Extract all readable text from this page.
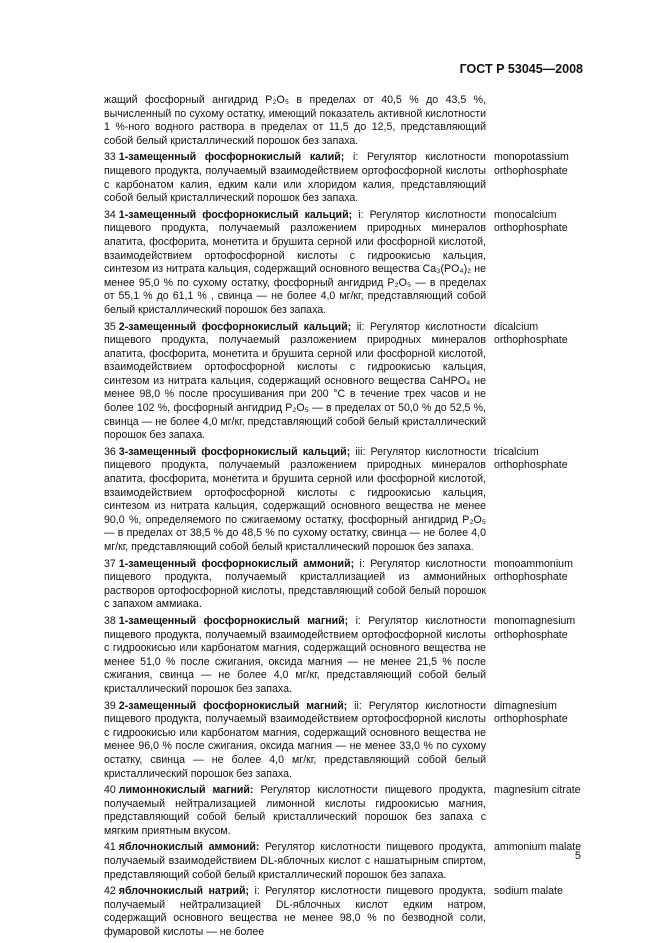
ГОСТ Р 53045—2008
жащий фосфорный ангидрид P₂O₅ в пределах от 40,5 % до 43,5 %, вычисленный по сухому остатку, имеющий показатель активной кислотности 1 %-ного водного раствора в пределах от 11,5 до 12,5, представляющий собой белый кристаллический порошок без запаха.
33 1-замещенный фосфорнокислый калий; i: Регулятор кислотности пищевого продукта, получаемый взаимодействием ортофосфорной кислоты с карбонатом калия, едким кали или хлоридом калия, представляющий собой белый кристаллический порошок без запаха.
monopotassium orthophosphate
34 1-замещенный фосфорнокислый кальций; i: Регулятор кислотности пищевого продукта, получаемый разложением природных минералов апатита, фосфорита, монетита и брушита серной или фосфорной кислотой, взаимодействием ортофосфорной кислоты с гидроокисью кальция, синтезом из нитрата кальция, содержащий основного вещества Ca₃(PO₄)₂ не менее 95,0 % по сухому остатку, фосфорный ангидрид P₂O₅ — в пределах от 55,1 % до 61,1 % , свинца — не более 4,0 мг/кг, представляющий собой белый кристаллический порошок без запаха.
monocalcium orthophosphate
35 2-замещенный фосфорнокислый кальций; ii: Регулятор кислотности пищевого продукта, получаемый разложением природных минералов апатита, фосфорита, монетита и брушита серной или фосфорной кислотой, взаимодействием ортофосфорной кислоты с гидроокисью кальция, синтезом из нитрата кальция, содержащий основного вещества CaHPO₄ не менее 98,0 % после просушивания при 200 °С в течение трех часов и не более 102 %, фосфорный ангидрид P₂O₅ — в пределах от 50,0 % до 52,5 %, свинца — не более 4,0 мг/кг, представляющий собой белый кристаллический порошок без запаха.
dicalcium orthophosphate
36 3-замещенный фосфорнокислый кальций; iii: Регулятор кислотности пищевого продукта, получаемый разложением природных минералов апатита, фосфорита, монетита и брушита серной или фосфорной кислотой, взаимодействием ортофосфорной кислоты с гидроокисью кальция, синтезом из нитрата кальция, содержащий основного вещества не менее 90,0 %, определяемого по сжигаемому остатку, фосфорный ангидрид P₂O₅ — в пределах от 38,5 % до 48,5 % по сухому остатку, свинца — не более 4,0 мг/кг, представляющий собой белый кристаллический порошок без запаха.
tricalcium orthophosphate
37 1-замещенный фосфорнокислый аммоний; i: Регулятор кислотности пищевого продукта, получаемый кристаллизацией из аммонийных растворов ортофосфорной кислоты, представляющий собой белый порошок с запахом аммиака.
monoammonium orthophosphate
38 1-замещенный фосфорнокислый магний; i: Регулятор кислотности пищевого продукта, получаемый взаимодействием ортофосфорной кислоты с гидроокисью или карбонатом магния, содержащий основного вещества не менее 51,0 % после сжигания, оксида магния — не менее 21,5 % после сжигания, свинца — не более 4,0 мг/кг, представляющий собой белый кристаллический порошок без запаха.
monomagnesium orthophosphate
39 2-замещенный фосфорнокислый магний; ii: Регулятор кислотности пищевого продукта, получаемый взаимодействием ортофосфорной кислоты с гидроокисью или карбонатом магния, содержащий основного вещества не менее 96,0 % после сжигания, оксида магния — не менее 33,0 % по сухому остатку, свинца — не более 4,0 мг/кг, представляющий собой белый кристаллический порошок без запаха.
dimagnesium orthophosphate
40 лимоннокислый магний: Регулятор кислотности пищевого продукта, получаемый нейтрализацией лимонной кислоты гидроокисью магния, представляющий собой белый кристаллический порошок без запаха с мягким приятным вкусом.
magnesium citrate
41 яблочнокислый аммоний: Регулятор кислотности пищевого продукта, получаемый взаимодействием DL-яблочных кислот с нашатырным спиртом, представляющий собой белый кристаллический порошок без запаха.
ammonium malate
42 яблочнокислый натрий; i: Регулятор кислотности пищевого продукта, получаемый нейтрализацией DL-яблочных кислот едким натром, содержащий основного вещества не менее 98,0 % по безводной соли, фумаровой кислоты — не более
sodium malate
5
